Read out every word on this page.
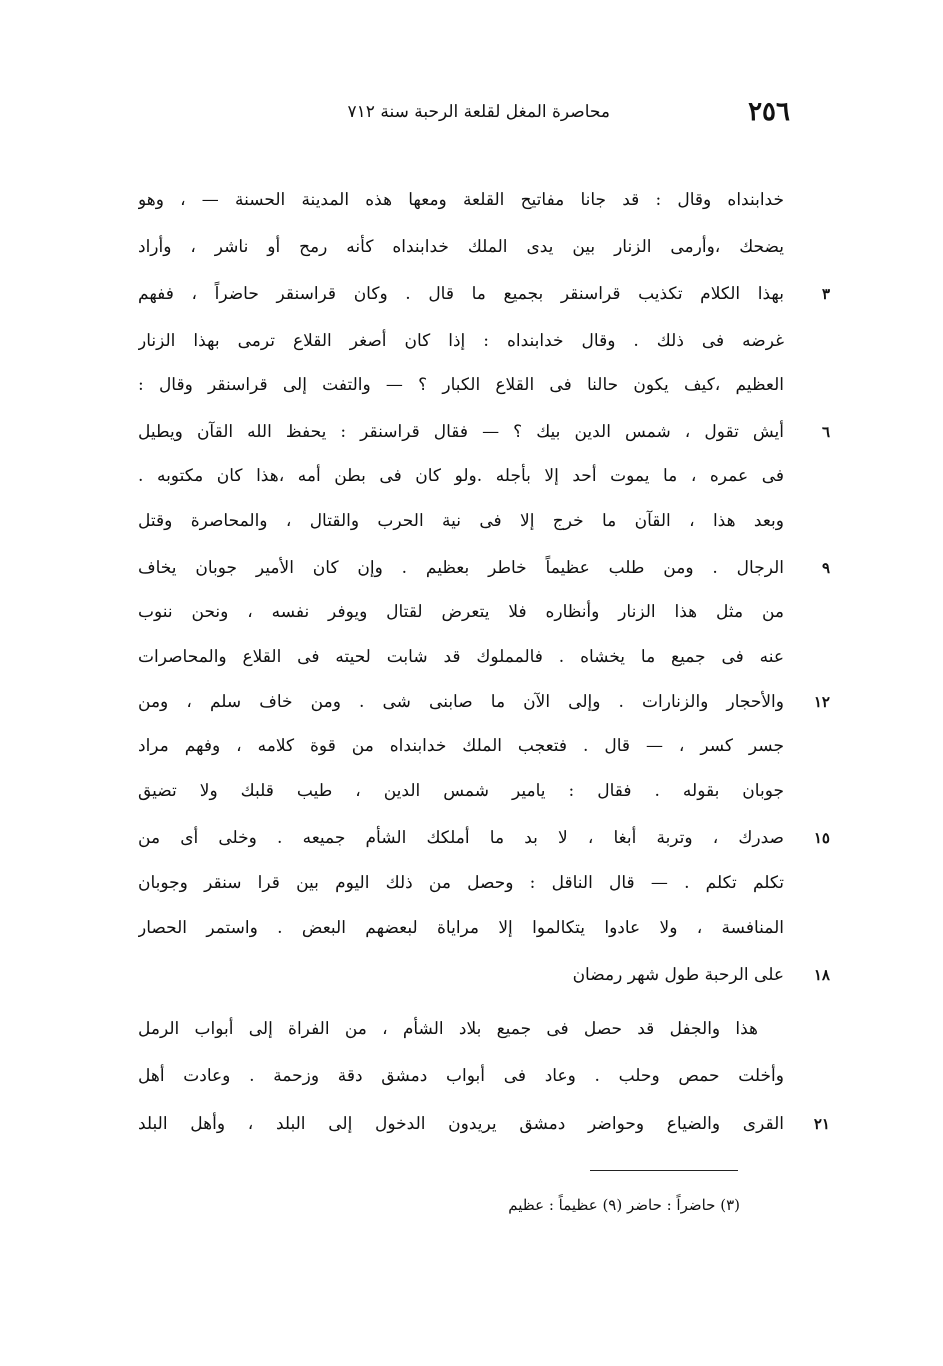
٢٥٦
محاصرة المغل لقلعة الرحبة سنة ٧١٢
خدابنداه وقال : قد جانا مفاتيح القلعة ومعها هذه المدينة الحسنة — ، وهو
يضحك ،وأرمى الزنار بين يدى الملك خدابنداه كأنه رمح أو ناشر ، وأراد
بهذا الكلام تكذيب قراسنقر بجميع ما قال . وكان قراسنقر حاضراً ، ففهم
غرضه فى ذلك . وقال خدابنداه : إذا كان أصغر القلاع ترمى بهذا الزنار
العظيم ،كيف يكون حالنا فى القلاع الكبار ؟ — والتفت إلى قراسنقر وقال :
أيش تقول ، شمس الدين بيك ؟ — فقال قراسنقر : يحفظ الله القآن ويطيل
فى عمره ، ما يموت أحد إلا بأجله .ولو كان فى بطن أمه ،هذا كان مكتوبه .
وبعد هذا ، القآن ما خرج إلا فى نية الحرب والقتال ، والمحاصرة وقتل
الرجال . ومن طلب عظيماً خاطر بعظيم . وإن كان الأمير جوبان يخاف
من مثل هذا الزنار وأنظاره فلا يتعرض لقتال ويوفر نفسه ، ونحن ننوب
عنه فى جميع ما يخشاه . فالمملوك قد شابت لحيته فى القلاع والمحاصرات
والأحجار والزنارات . وإلى الآن ما صابنى شى . ومن خاف سلم ، ومن
جسر كسر ، — قال . فتعجب الملك خدابنداه من قوة كلامه ، وفهم مراد
جوبان بقوله . فقال : يامير شمس الدين ، طيب قلبك ولا تضيق
صدرك ، وتربة أبغا ، لا بد ما أملكك الشأم جميعه . وخلى أى من
تكلم تكلم . — قال الناقل : وحصل من ذلك اليوم بين قرا سنقر وجوبان
المنافسة ، ولا عادوا يتكالموا إلا مراياة لبعضهم البعض . واستمر الحصار
على الرحبة طول شهر رمضان
هذا والجفل قد حصل فى جميع بلاد الشأم ، من الفراة إلى أبواب الرمل
وأخلت حمص وحلب . وعاد فى أبواب دمشق دقة وزحمة . وعادت أهل
القرى والضياع وحواضر دمشق يريدون الدخول إلى البلد ، وأهل البلد
٣
٦
٩
١٢
١٥
١٨
٢١
(٣) حاضراً : حاضر (٩) عظيماً : عظيم
